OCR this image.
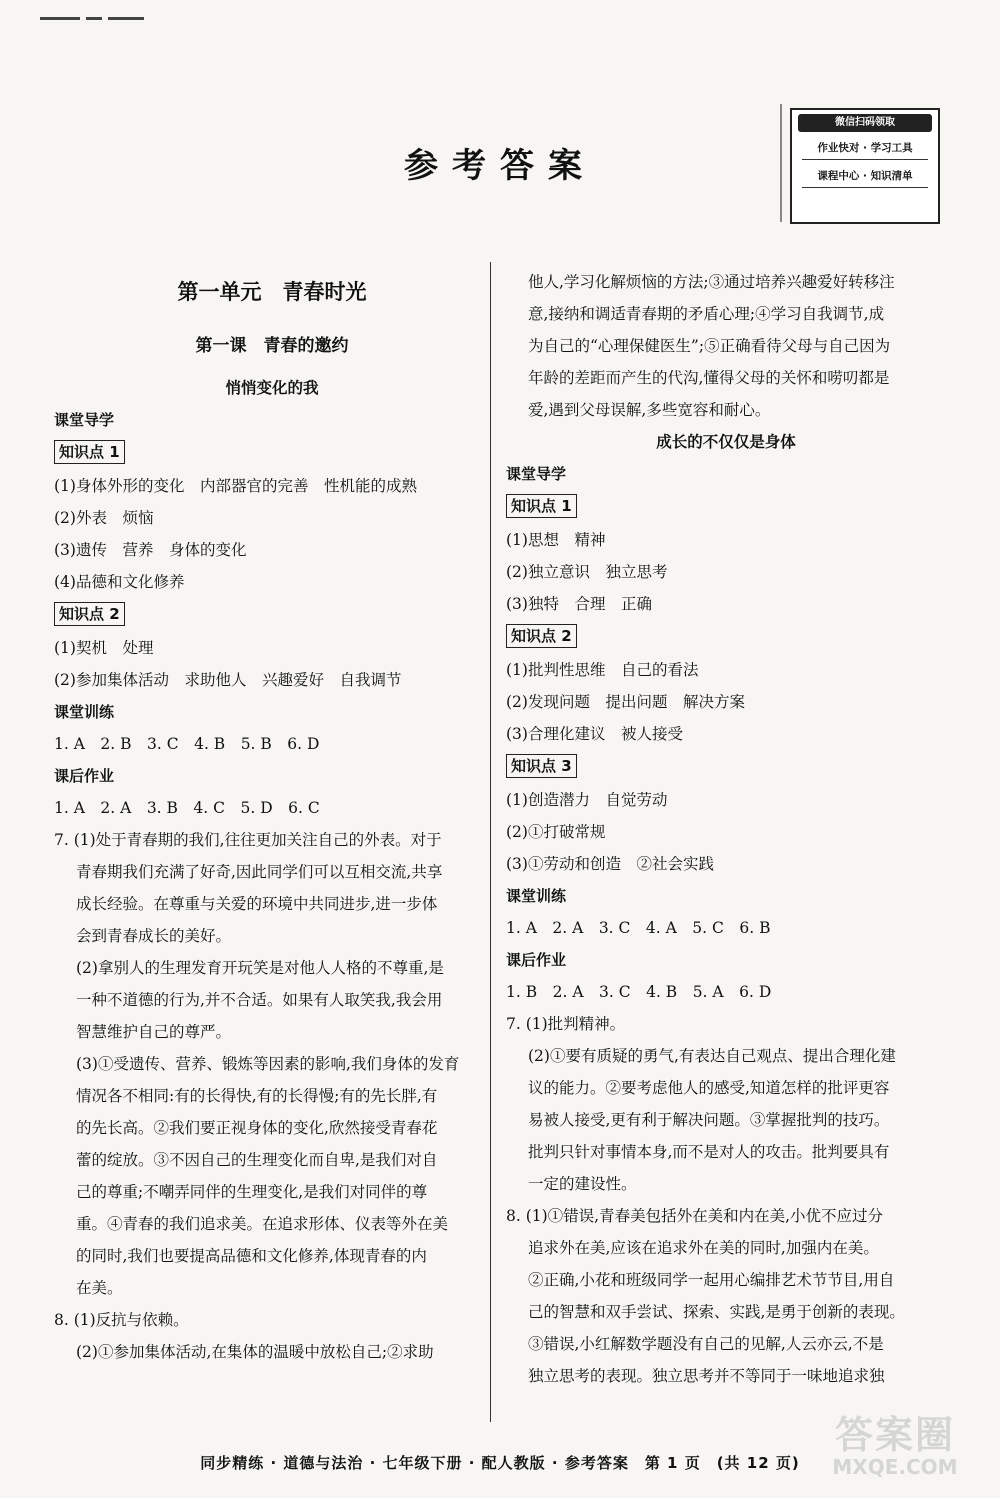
参考答案
微信扫码领取
作业快对 · 学习工具
课程中心 · 知识清单
第一单元　青春时光
第一课　青春的邀约
悄悄变化的我
课堂导学
知识点 1
(1)身体外形的变化　内部器官的完善　性机能的成熟
(2)外表　烦恼
(3)遗传　营养　身体的变化
(4)品德和文化修养
知识点 2
(1)契机　处理
(2)参加集体活动　求助他人　兴趣爱好　自我调节
课堂训练
1. A　2. B　3. C　4. B　5. B　6. D
课后作业
1. A　2. A　3. B　4. C　5. D　6. C
7. (1)处于青春期的我们,往往更加关注自己的外表。对于
青春期我们充满了好奇,因此同学们可以互相交流,共享
成长经验。在尊重与关爱的环境中共同进步,进一步体
会到青春成长的美好。
(2)拿别人的生理发育开玩笑是对他人人格的不尊重,是
一种不道德的行为,并不合适。如果有人取笑我,我会用
智慧维护自己的尊严。
(3)①受遗传、营养、锻炼等因素的影响,我们身体的发育
情况各不相同:有的长得快,有的长得慢;有的先长胖,有
的先长高。②我们要正视身体的变化,欣然接受青春花
蕾的绽放。③不因自己的生理变化而自卑,是我们对自
己的尊重;不嘲弄同伴的生理变化,是我们对同伴的尊
重。④青春的我们追求美。在追求形体、仪表等外在美
的同时,我们也要提高品德和文化修养,体现青春的内
在美。
8. (1)反抗与依赖。
(2)①参加集体活动,在集体的温暖中放松自己;②求助
他人,学习化解烦恼的方法;③通过培养兴趣爱好转移注
意,接纳和调适青春期的矛盾心理;④学习自我调节,成
为自己的“心理保健医生”;⑤正确看待父母与自己因为
年龄的差距而产生的代沟,懂得父母的关怀和唠叨都是
爱,遇到父母误解,多些宽容和耐心。
成长的不仅仅是身体
课堂导学
知识点 1
(1)思想　精神
(2)独立意识　独立思考
(3)独特　合理　正确
知识点 2
(1)批判性思维　自己的看法
(2)发现问题　提出问题　解决方案
(3)合理化建议　被人接受
知识点 3
(1)创造潜力　自觉劳动
(2)①打破常规
(3)①劳动和创造　②社会实践
课堂训练
1. A　2. A　3. C　4. A　5. C　6. B
课后作业
1. B　2. A　3. C　4. B　5. A　6. D
7. (1)批判精神。
(2)①要有质疑的勇气,有表达自己观点、提出合理化建
议的能力。②要考虑他人的感受,知道怎样的批评更容
易被人接受,更有利于解决问题。③掌握批判的技巧。
批判只针对事情本身,而不是对人的攻击。批判要具有
一定的建设性。
8. (1)①错误,青春美包括外在美和内在美,小优不应过分
追求外在美,应该在追求外在美的同时,加强内在美。
②正确,小花和班级同学一起用心编排艺术节节目,用自
己的智慧和双手尝试、探索、实践,是勇于创新的表现。
③错误,小红解数学题没有自己的见解,人云亦云,不是
独立思考的表现。独立思考并不等同于一味地追求独
同步精练 · 道德与法治 · 七年级下册 · 配人教版 · 参考答案　第 1 页　(共 12 页)
答案圈
MXQE.COM
